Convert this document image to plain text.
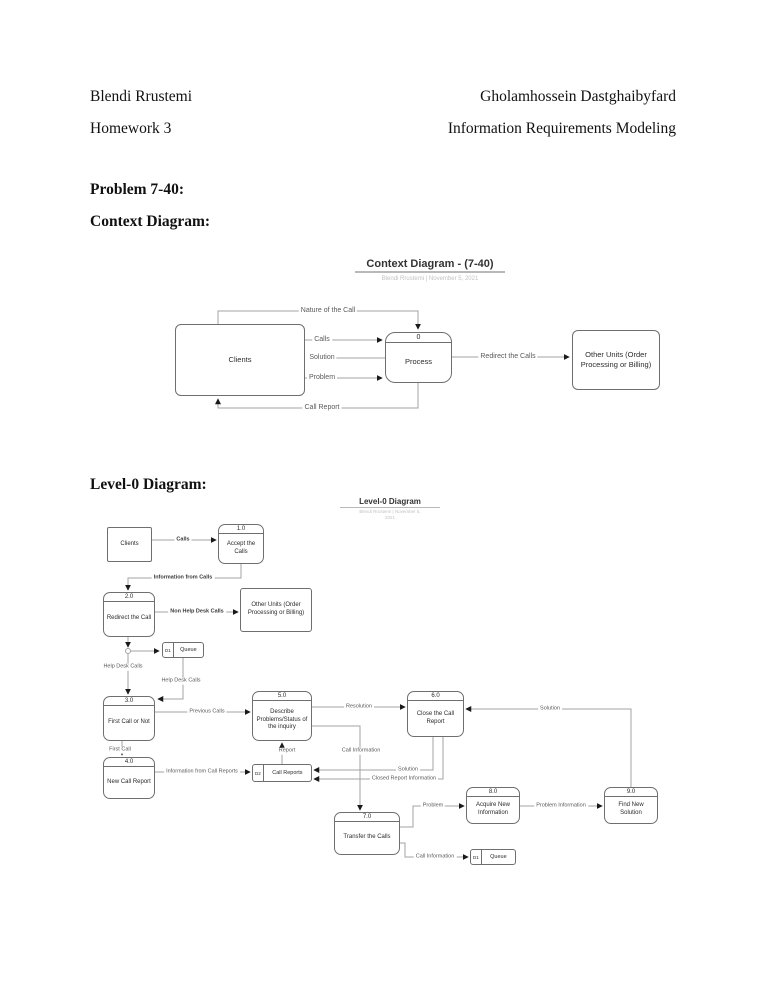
Blendi Rrustemi	Gholamhossein Dastghaibyfard
Homework 3	Information Requirements Modeling
Problem 7-40:
Context Diagram:
Level-0 Diagram:
Context Diagram - (7-40)
Blendi Rrustemi | November 5, 2021
Clients
0
Process
Other Units (Order Processing or Billing)
Nature of the Call
Calls
Solution
Problem
Call Report
Redirect the Calls
Level-0 Diagram
Blendi Rrustemi | November 5,
2021
Clients
1.0
Accept the Calls
2.0
Redirect the Call
Other Units (Order Processing or Billing)
D1	Queue
3.0
First Call or Not
4.0
New Call Report
5.0
Describe Problems/Status of the inquiry
6.0
Close the Call Report
D2	Call Reports
7.0
Transfer the Calls
8.0
Acquire New Information
9.0
Find New Solution
D1	Queue
Calls
Information from Calls
Non Help Desk Calls
Help Desk Calls
Help Desk Calls
Previous Calls
First Call
Information from Call Reports
Resolution
Report	Call Information
Solution
Closed Report Information
Solution
Problem	Problem Information
Call Information
